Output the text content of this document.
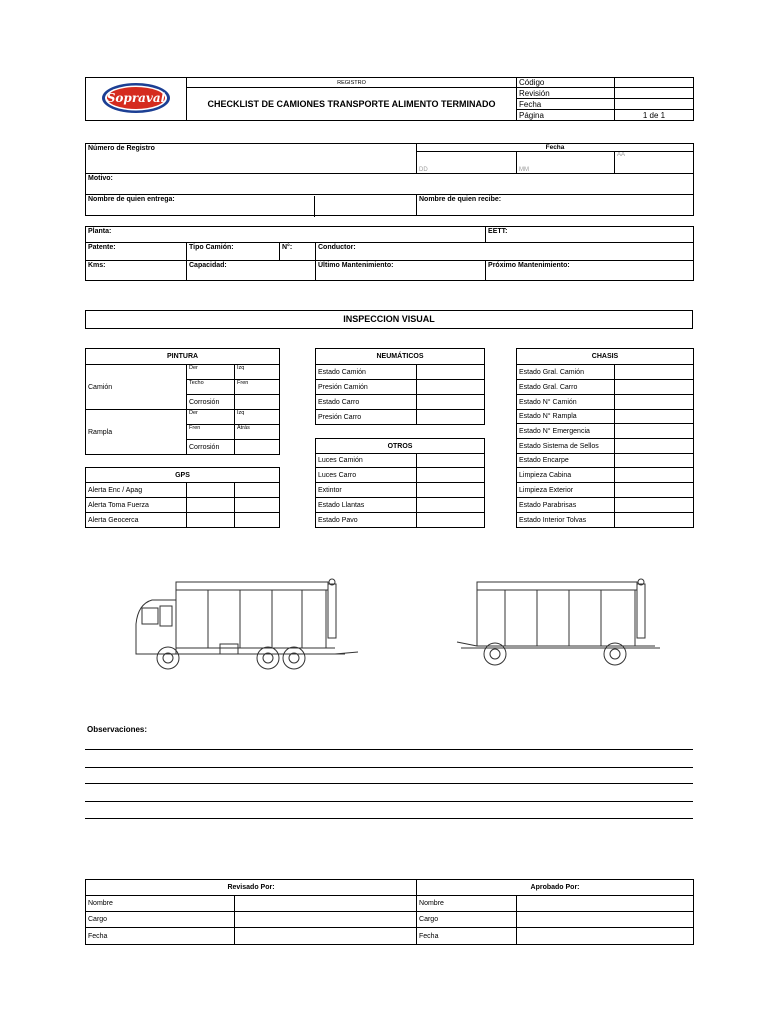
Sopraval	REGISTRO	Código	
	CHECKLIST DE CAMIONES TRANSPORTE ALIMENTO TERMINADO	Revisión	
		Fecha	
		Página	1 de 1
Número de Registro	Fecha		
	DD	MM	AA
Motivo:			
Nombre de quien entrega:	Nombre de quien recibe:		
Planta:				EETT:
Patente:	Tipo Camión:	N°:	Conductor:	
Kms:	Capacidad:		Último Mantenimiento:	Próximo Mantenimiento:
INSPECCION VISUAL
PINTURA		
Camión	Der	Izq
	Techo	Fren
	Corrosión	
Rampla	Der	Izq
	Fren	Atrás
	Corrosión	
GPS		
Alerta Enc / Apag		
Alerta Toma Fuerza		
Alerta Geocerca		
NEUMÁTICOS	
Estado Camión	
Presión Camión	
Estado Carro	
Presión Carro	
OTROS	
Luces Camión	
Luces Carro	
Extintor	
Estado Llantas	
Estado Pavo	
CHASIS	
Estado Gral. Camión	
Estado Gral. Carro	
Estado N° Camión	
Estado N° Rampla	
Estado N° Emergencia	
Estado Sistema de Sellos	
Estado Encarpe	
Limpieza Cabina	
Limpieza Exterior	
Estado Parabrisas	
Estado Interior Tolvas	
Observaciones:
Revisado Por:		Aprobado Por:	
Nombre		Nombre	
Cargo		Cargo	
Fecha		Fecha	
